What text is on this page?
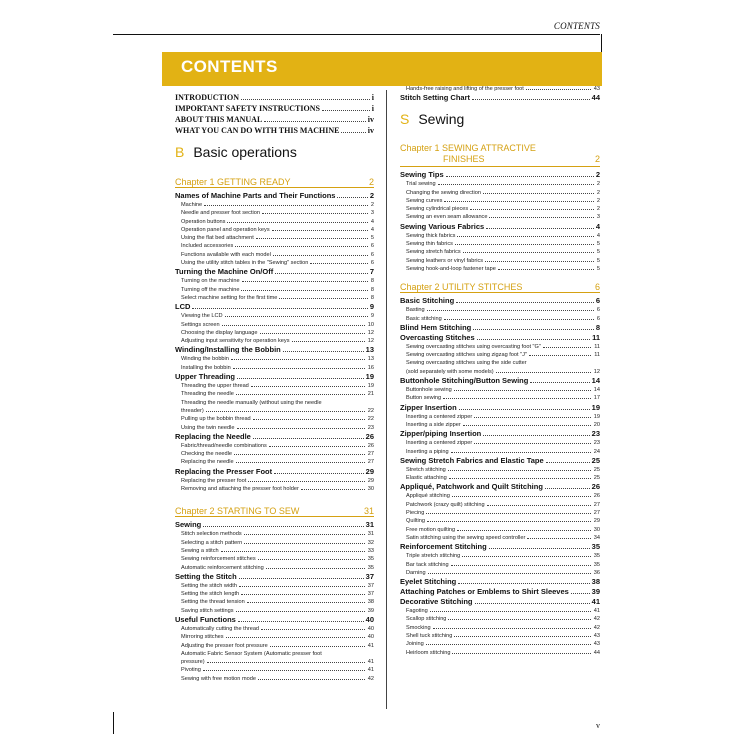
CONTENTS
CONTENTS
INTRODUCTION	i
IMPORTANT SAFETY INSTRUCTIONS	i
ABOUT THIS MANUAL	iv
WHAT YOU CAN DO WITH THIS MACHINE	iv
B Basic operations
Chapter 1 GETTING READY	2
Names of Machine Parts and Their Functions	2
Machine	2
Needle and presser foot section	3
Operation buttons	4
Operation panel and operation keys	4
Using the flat bed attachment	5
Included accessories	6
Functions available with each model	6
Using the utility stitch tables in the "Sewing" section	6
Turning the Machine On/Off	7
Turning on the machine	8
Turning off the machine	8
Select machine setting for the first time	8
LCD	9
Viewing the LCD	9
Settings screen	10
Choosing the display language	12
Adjusting input sensitivity for operation keys	12
Winding/Installing the Bobbin	13
Winding the bobbin	13
Installing the bobbin	16
Upper Threading	19
Threading the upper thread	19
Threading the needle	21
Threading the needle manually (without using the needle
threader)	22
Pulling up the bobbin thread	22
Using the twin needle	23
Replacing the Needle	26
Fabric/thread/needle combinations	26
Checking the needle	27
Replacing the needle	27
Replacing the Presser Foot	29
Replacing the presser foot	29
Removing and attaching the presser foot holder	30
Chapter 2 STARTING TO SEW	31
Sewing	31
Stitch selection methods	31
Selecting a stitch pattern	32
Sewing a stitch	33
Sewing reinforcement stitches	35
Automatic reinforcement stitching	35
Setting the Stitch	37
Setting the stitch width	37
Setting the stitch length	37
Setting the thread tension	38
Saving stitch settings	39
Useful Functions	40
Automatically cutting the thread	40
Mirroring stitches	40
Adjusting the presser foot pressure	41
Automatic Fabric Sensor System (Automatic presser foot
pressure)	41
Pivoting	41
Sewing with free motion mode	42
Hands-free raising and lifting of the presser foot	43
Stitch Setting Chart	44
S Sewing
Chapter 1 SEWING ATTRACTIVE
FINISHES	2
Sewing Tips	2
Trial sewing	2
Changing the sewing direction	2
Sewing curves	2
Sewing cylindrical pieces	2
Sewing an even seam allowance	3
Sewing Various Fabrics	4
Sewing thick fabrics	4
Sewing thin fabrics	5
Sewing stretch fabrics	5
Sewing leathers or vinyl fabrics	5
Sewing hook-and-loop fastener tape	5
Chapter 2 UTILITY STITCHES	6
Basic Stitching	6
Basting	6
Basic stitching	6
Blind Hem Stitching	8
Overcasting Stitches	11
Sewing overcasting stitches using overcasting foot "G"	11
Sewing overcasting stitches using zigzag foot "J"	11
Sewing overcasting stitches using the side cutter
(sold separately with some models)	12
Buttonhole Stitching/Button Sewing	14
Buttonhole sewing	14
Button sewing	17
Zipper Insertion	19
Inserting a centered zipper	19
Inserting a side zipper	20
Zipper/piping Insertion	23
Inserting a centered zipper	23
Inserting a piping	24
Sewing Stretch Fabrics and Elastic Tape	25
Stretch stitching	25
Elastic attaching	25
Appliqué, Patchwork and Quilt Stitching	26
Appliqué stitching	26
Patchwork (crazy quilt) stitching	27
Piecing	27
Quilting	29
Free motion quilting	30
Satin stitching using the sewing speed controller	34
Reinforcement Stitching	35
Triple stretch stitching	35
Bar tack stitching	35
Darning	36
Eyelet Stitching	38
Attaching Patches or Emblems to Shirt Sleeves	39
Decorative Stitching	41
Fagoting	41
Scallop stitching	42
Smocking	42
Shell tuck stitching	43
Joining	43
Heirloom stitching	44
v
